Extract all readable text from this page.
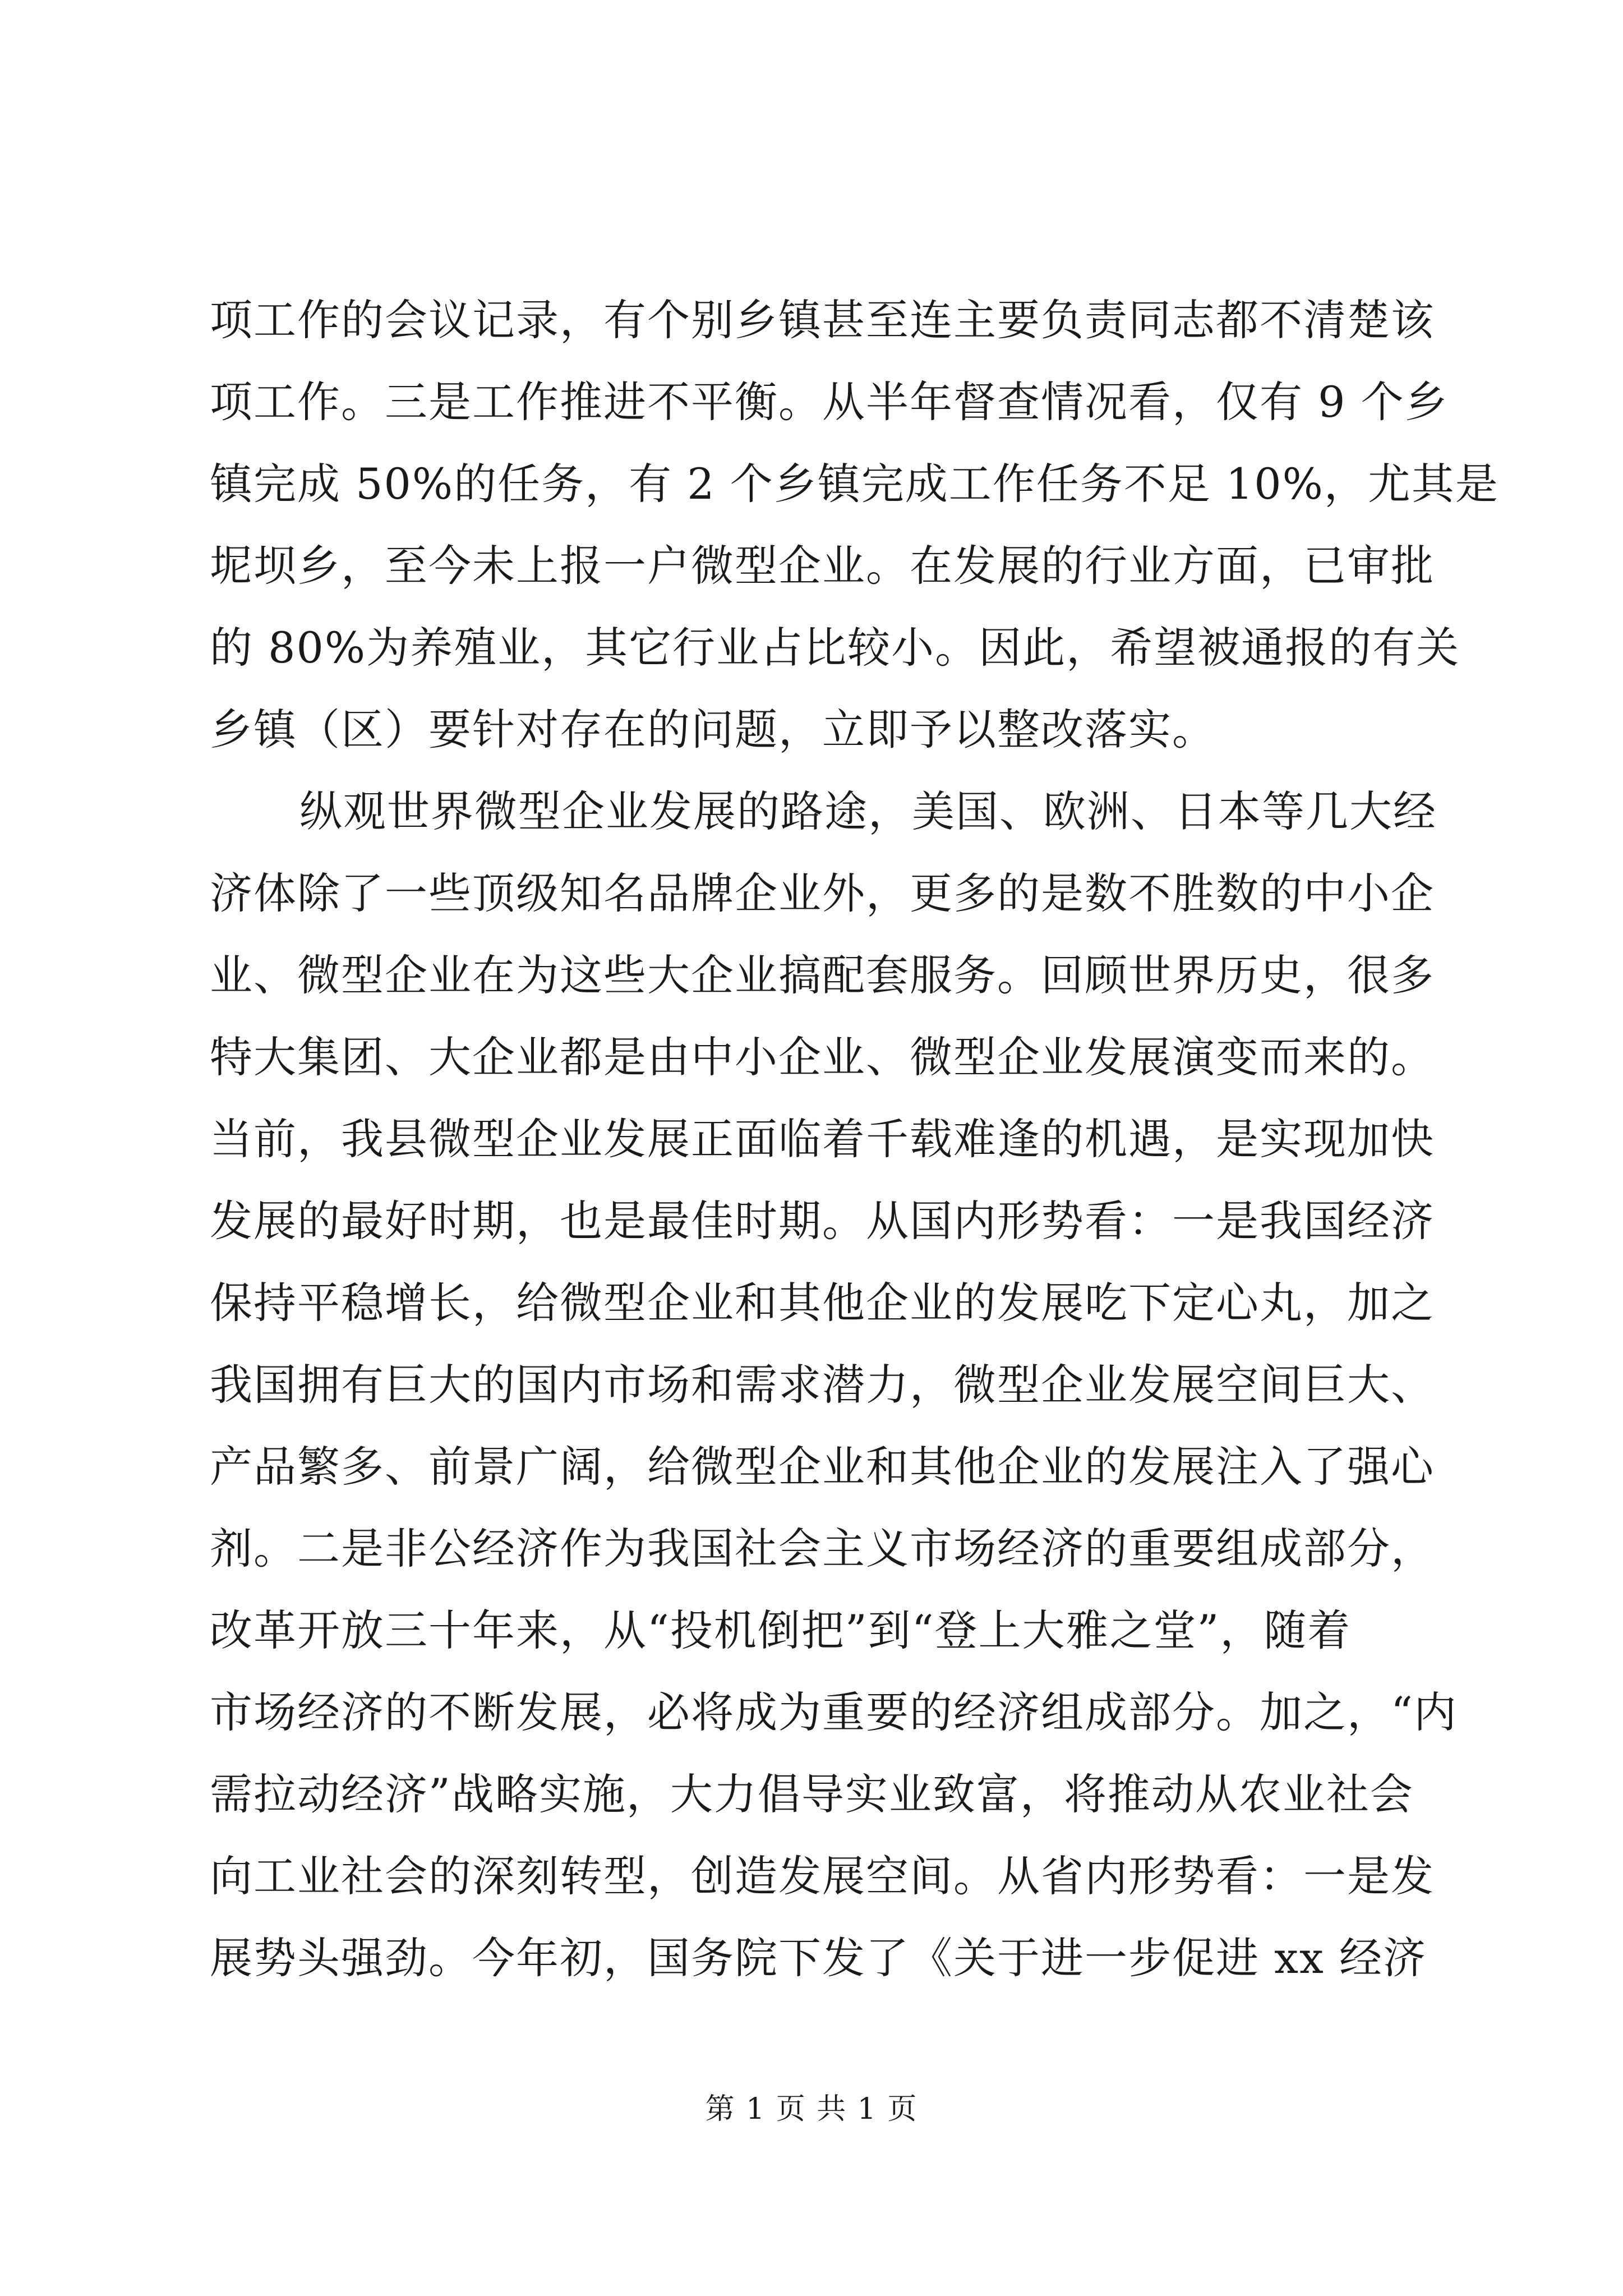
项工作的会议记录，有个别乡镇甚至连主要负责同志都不清楚该
项工作。三是工作推进不平衡。从半年督查情况看，仅有 9 个乡
镇完成 50%的任务，有 2 个乡镇完成工作任务不足 10%，尤其是
坭坝乡，至今未上报一户微型企业。在发展的行业方面，已审批
的 80%为养殖业，其它行业占比较小。因此，希望被通报的有关
乡镇（区）要针对存在的问题，立即予以整改落实。
纵观世界微型企业发展的路途，美国、欧洲、日本等几大经
济体除了一些顶级知名品牌企业外，更多的是数不胜数的中小企
业、微型企业在为这些大企业搞配套服务。回顾世界历史，很多
特大集团、大企业都是由中小企业、微型企业发展演变而来的。
当前，我县微型企业发展正面临着千载难逢的机遇，是实现加快
发展的最好时期，也是最佳时期。从国内形势看：一是我国经济
保持平稳增长，给微型企业和其他企业的发展吃下定心丸，加之
我国拥有巨大的国内市场和需求潜力，微型企业发展空间巨大、
产品繁多、前景广阔，给微型企业和其他企业的发展注入了强心
剂。二是非公经济作为我国社会主义市场经济的重要组成部分，
改革开放三十年来，从“投机倒把”到“登上大雅之堂”，随着
市场经济的不断发展，必将成为重要的经济组成部分。加之，“内
需拉动经济”战略实施，大力倡导实业致富，将推动从农业社会
向工业社会的深刻转型，创造发展空间。从省内形势看：一是发
展势头强劲。今年初，国务院下发了《关于进一步促进 xx 经济
第 1 页 共 1 页
